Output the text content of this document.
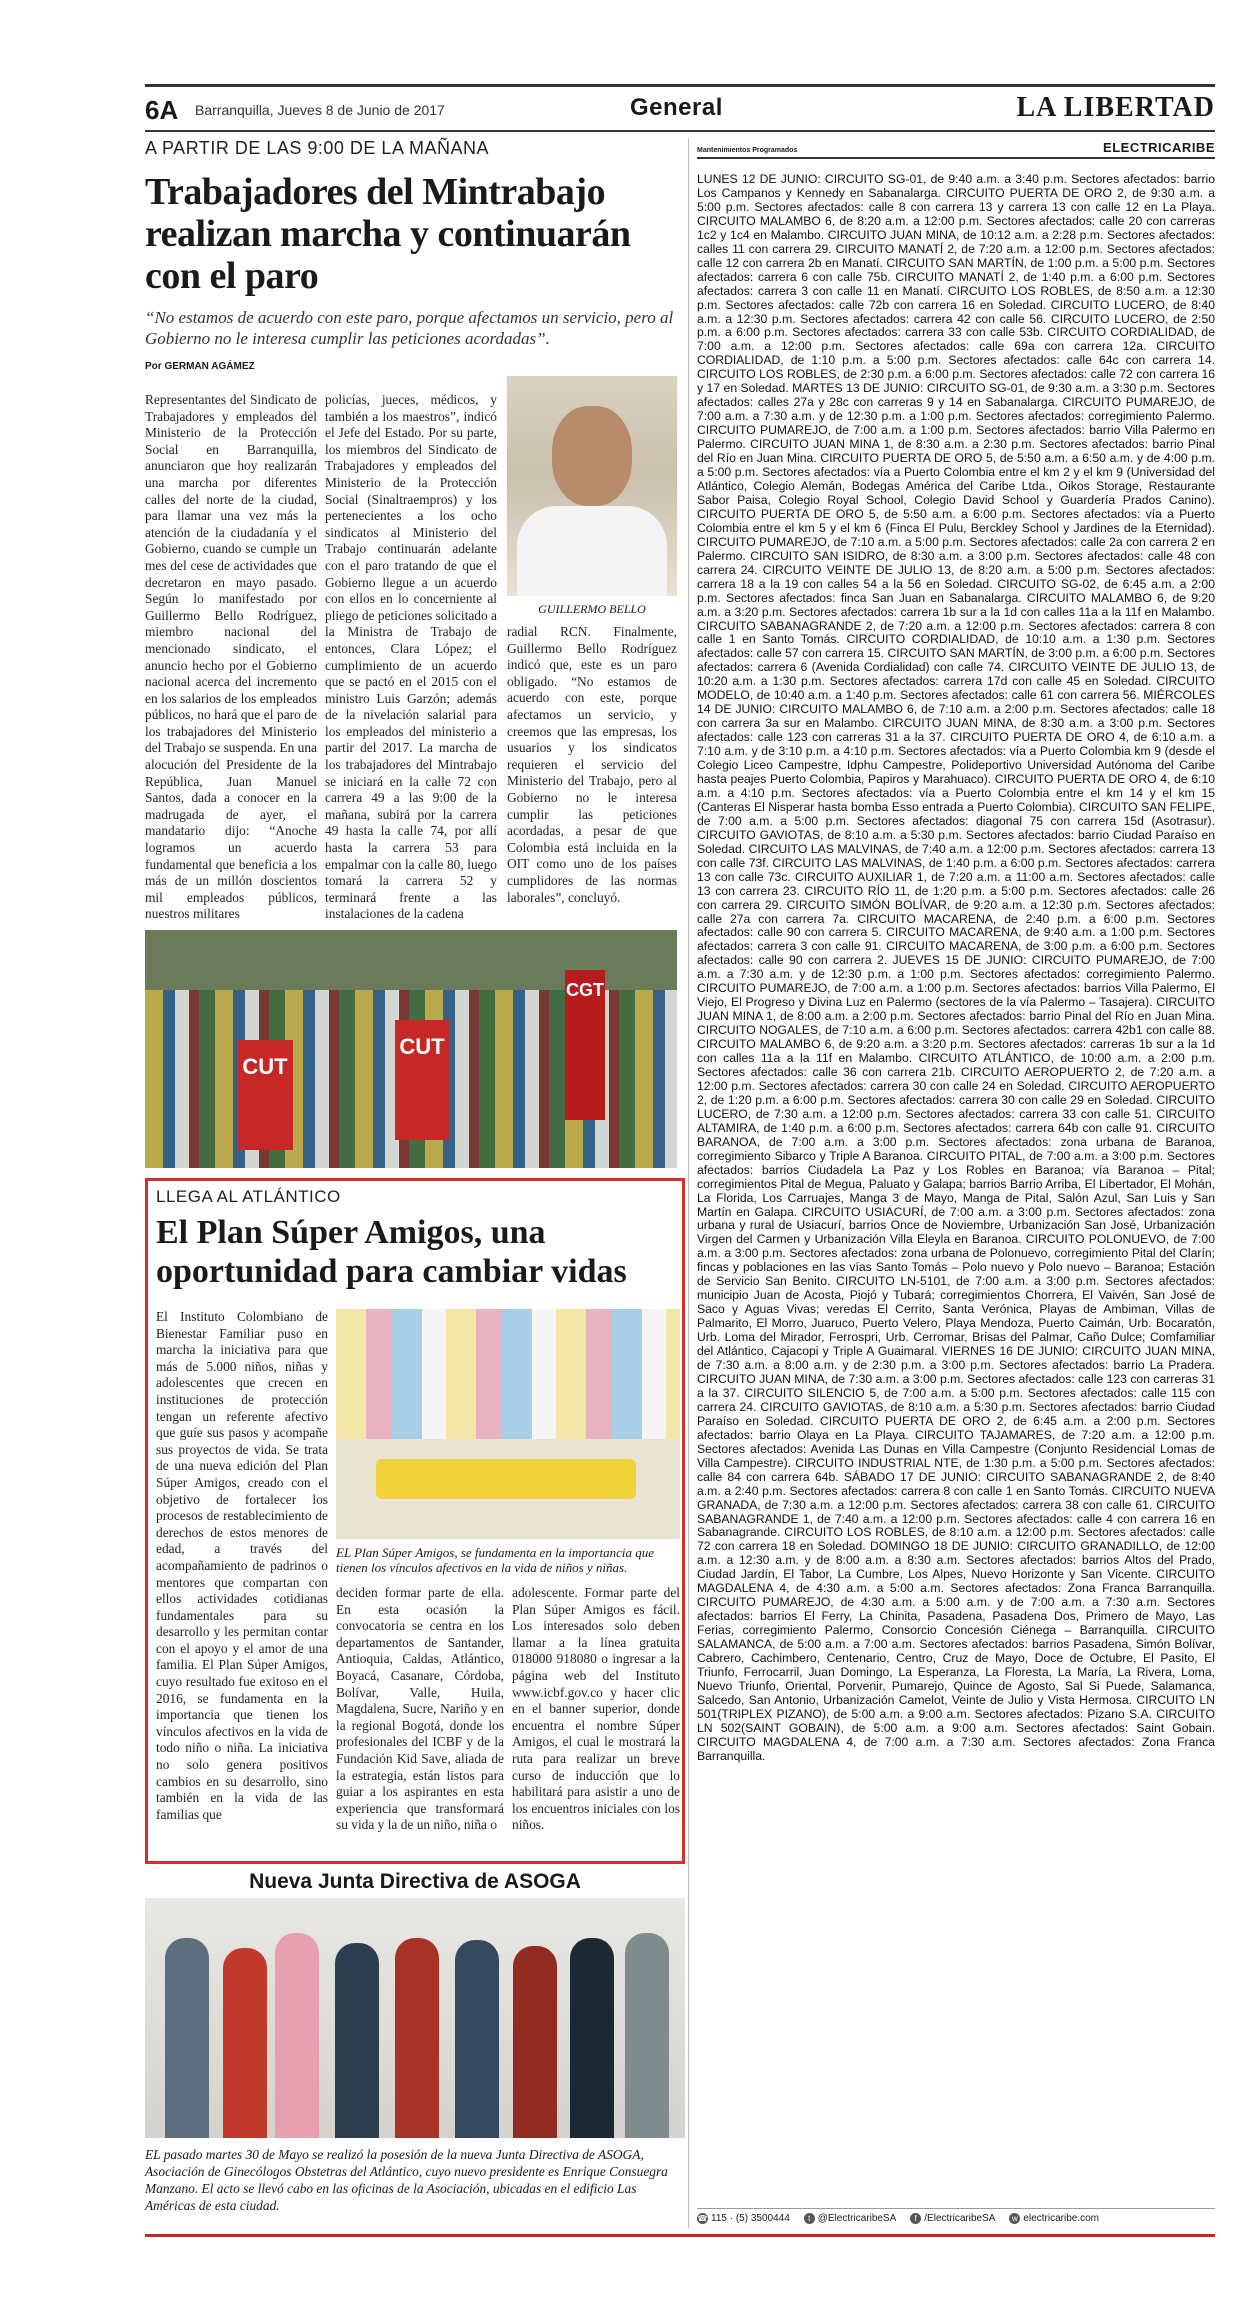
6A	Barranquilla, Jueves 8 de Junio de 2017	General	LA LIBERTAD
A PARTIR DE LAS 9:00 DE LA MAÑANA
Trabajadores del Mintrabajo realizan marcha y continuarán con el paro
“No estamos de acuerdo con este paro, porque afectamos un servicio, pero al Gobierno no le interesa cumplir las peticiones acordadas”.
Por GERMAN AGÁMEZ
Representantes del Sindicato de Trabajadores y empleados del Ministerio de la Protección Social en Barranquilla, anunciaron que hoy realizarán una marcha por diferentes calles del norte de la ciudad, para llamar una vez más la atención de la ciudadanía y el Gobierno, cuando se cumple un mes del cese de actividades que decretaron en mayo pasado. Según lo manifestado por Guillermo Bello Rodríguez, miembro nacional del mencionado sindicato, el anuncio hecho por el Gobierno nacional acerca del incremento en los salarios de los empleados públicos, no hará que el paro de los trabajadores del Ministerio del Trabajo se suspenda. En una alocución del Presidente de la República, Juan Manuel Santos, dada a conocer en la madrugada de ayer, el mandatario dijo: “Anoche logramos un acuerdo fundamental que beneficia a los más de un millón doscientos mil empleados públicos, nuestros militares
policías, jueces, médicos, y también a los maestros”, indicó el Jefe del Estado. Por su parte, los miembros del Sindicato de Trabajadores y empleados del Ministerio de la Protección Social (Sinaltraempros) y los pertenecientes a los ocho sindicatos al Ministerio del Trabajo continuarán adelante con el paro tratando de que el Gobierno llegue a un acuerdo con ellos en lo concerniente al pliego de peticiones solicitado a la Ministra de Trabajo de entonces, Clara López; el cumplimiento de un acuerdo que se pactó en el 2015 con el ministro Luis Garzón; además de la nivelación salarial para los empleados del ministerio a partir del 2017. La marcha de los trabajadores del Mintrabajo se iniciará en la calle 72 con carrera 49 a las 9:00 de la mañana, subirá por la carrera 49 hasta la calle 74, por allí hasta la carrera 53 para empalmar con la calle 80, luego tomará la carrera 52 y terminará frente a las instalaciones de la cadena
GUILLERMO BELLO
radial RCN. Finalmente, Guillermo Bello Rodríguez indicó que, este es un paro obligado. “No estamos de acuerdo con este, porque afectamos un servicio, y creemos que las empresas, los usuarios y los sindicatos requieren el servicio del Ministerio del Trabajo, pero al Gobierno no le interesa cumplir las peticiones acordadas, a pesar de que Colombia está incluida en la OIT como uno de los países cumplidores de las normas laborales”, concluyó.
CUT
CUT
CGT
LLEGA AL ATLÁNTICO
El Plan Súper Amigos, una oportunidad para cambiar vidas
El Instituto Colombiano de Bienestar Familiar puso en marcha la iniciativa para que más de 5.000 niños, niñas y adolescentes que crecen en instituciones de protección tengan un referente afectivo que guíe sus pasos y acompañe sus proyectos de vida. Se trata de una nueva edición del Plan Súper Amigos, creado con el objetivo de fortalecer los procesos de restablecimiento de derechos de estos menores de edad, a través del acompañamiento de padrinos o mentores que compartan con ellos actividades cotidianas fundamentales para su desarrollo y les permitan contar con el apoyo y el amor de una familia. El Plan Súper Amigos, cuyo resultado fue exitoso en el 2016, se fundamenta en la importancia que tienen los vínculos afectivos en la vida de todo niño o niña. La iniciativa no solo genera positivos cambios en su desarrollo, sino también en la vida de las familias que
EL Plan Súper Amigos, se fundamenta en la importancia que tienen los vínculos afectivos en la vida de niños y niñas.
deciden formar parte de ella. En esta ocasión la convocatoria se centra en los departamentos de Santander, Antioquia, Caldas, Atlántico, Boyacá, Casanare, Córdoba, Bolívar, Valle, Huila, Magdalena, Sucre, Nariño y en la regional Bogotá, donde los profesionales del ICBF y de la Fundación Kid Save, aliada de la estrategia, están listos para guiar a los aspirantes en esta experiencia que transformará su vida y la de un niño, niña o
adolescente. Formar parte del Plan Súper Amigos es fácil. Los interesados solo deben llamar a la línea gratuita 018000 918080 o ingresar a la página web del Instituto www.icbf.gov.co y hacer clic en el banner superior, donde encuentra el nombre Súper Amigos, el cual le mostrará la ruta para realizar un breve curso de inducción que lo habilitará para asistir a uno de los encuentros iniciales con los niños.
Nueva Junta Directiva de ASOGA
EL pasado martes 30 de Mayo se realizó la posesión de la nueva Junta Directiva de ASOGA, Asociación de Ginecólogos Obstetras del Atlántico, cuyo nuevo presidente es Enrique Consuegra Manzano. El acto se llevó cabo en las oficinas de la Asociación, ubicadas en el edificio Las Américas de esta ciudad.
Mantenimientos Programados	ELECTRICARIBE
LUNES 12 DE JUNIO: CIRCUITO SG-01, de 9:40 a.m. a 3:40 p.m. Sectores afectados: barrio Los Campanos y Kennedy en Sabanalarga. CIRCUITO PUERTA DE ORO 2, de 9:30 a.m. a 5:00 p.m. Sectores afectados: calle 8 con carrera 13 y carrera 13 con calle 12 en La Playa. CIRCUITO MALAMBO 6, de 8:20 a.m. a 12:00 p.m. Sectores afectados: calle 20 con carreras 1c2 y 1c4 en Malambo. CIRCUITO JUAN MINA, de 10:12 a.m. a 2:28 p.m. Sectores afectados: calles 11 con carrera 29. CIRCUITO MANATÍ 2, de 7:20 a.m. a 12:00 p.m. Sectores afectados: calle 12 con carrera 2b en Manatí. CIRCUITO SAN MARTÍN, de 1:00 p.m. a 5:00 p.m. Sectores afectados: carrera 6 con calle 75b. CIRCUITO MANATÍ 2, de 1:40 p.m. a 6:00 p.m. Sectores afectados: carrera 3 con calle 11 en Manatí. CIRCUITO LOS ROBLES, de 8:50 a.m. a 12:30 p.m. Sectores afectados: calle 72b con carrera 16 en Soledad. CIRCUITO LUCERO, de 8:40 a.m. a 12:30 p.m. Sectores afectados: carrera 42 con calle 56. CIRCUITO LUCERO, de 2:50 p.m. a 6:00 p.m. Sectores afectados: carrera 33 con calle 53b. CIRCUITO CORDIALIDAD, de 7:00 a.m. a 12:00 p.m. Sectores afectados: calle 69a con carrera 12a. CIRCUITO CORDIALIDAD, de 1:10 p.m. a 5:00 p.m. Sectores afectados: calle 64c con carrera 14. CIRCUITO LOS ROBLES, de 2:30 p.m. a 6:00 p.m. Sectores afectados: calle 72 con carrera 16 y 17 en Soledad. MARTES 13 DE JUNIO: CIRCUITO SG-01, de 9:30 a.m. a 3:30 p.m. Sectores afectados: calles 27a y 28c con carreras 9 y 14 en Sabanalarga. CIRCUITO PUMAREJO, de 7:00 a.m. a 7:30 a.m. y de 12:30 p.m. a 1:00 p.m. Sectores afectados: corregimiento Palermo. CIRCUITO PUMAREJO, de 7:00 a.m. a 1:00 p.m. Sectores afectados: barrio Villa Palermo en Palermo. CIRCUITO JUAN MINA 1, de 8:30 a.m. a 2:30 p.m. Sectores afectados: barrio Pinal del Río en Juan Mina. CIRCUITO PUERTA DE ORO 5, de 5:50 a.m. a 6:50 a.m. y de 4:00 p.m. a 5:00 p.m. Sectores afectados: vía a Puerto Colombia entre el km 2 y el km 9 (Universidad del Atlántico, Colegio Alemán, Bodegas América del Caribe Ltda., Oikos Storage, Restaurante Sabor Paisa, Colegio Royal School, Colegio David School y Guardería Prados Canino). CIRCUITO PUERTA DE ORO 5, de 5:50 a.m. a 6:00 p.m. Sectores afectados: vía a Puerto Colombia entre el km 5 y el km 6 (Finca El Pulu, Berckley School y Jardines de la Eternidad). CIRCUITO PUMAREJO, de 7:10 a.m. a 5:00 p.m. Sectores afectados: calle 2a con carrera 2 en Palermo. CIRCUITO SAN ISIDRO, de 8:30 a.m. a 3:00 p.m. Sectores afectados: calle 48 con carrera 24. CIRCUITO VEINTE DE JULIO 13, de 8:20 a.m. a 5:00 p.m. Sectores afectados: carrera 18 a la 19 con calles 54 a la 56 en Soledad. CIRCUITO SG-02, de 6:45 a.m. a 2:00 p.m. Sectores afectados: finca San Juan en Sabanalarga. CIRCUITO MALAMBO 6, de 9:20 a.m. a 3:20 p.m. Sectores afectados: carrera 1b sur a la 1d con calles 11a a la 11f en Malambo. CIRCUITO SABANAGRANDE 2, de 7:20 a.m. a 12:00 p.m. Sectores afectados: carrera 8 con calle 1 en Santo Tomás. CIRCUITO CORDIALIDAD, de 10:10 a.m. a 1:30 p.m. Sectores afectados: calle 57 con carrera 15. CIRCUITO SAN MARTÍN, de 3:00 p.m. a 6:00 p.m. Sectores afectados: carrera 6 (Avenida Cordialidad) con calle 74. CIRCUITO VEINTE DE JULIO 13, de 10:20 a.m. a 1:30 p.m. Sectores afectados: carrera 17d con calle 45 en Soledad. CIRCUITO MODELO, de 10:40 a.m. a 1:40 p.m. Sectores afectados: calle 61 con carrera 56. MIÉRCOLES 14 DE JUNIO: CIRCUITO MALAMBO 6, de 7:10 a.m. a 2:00 p.m. Sectores afectados: calle 18 con carrera 3a sur en Malambo. CIRCUITO JUAN MINA, de 8:30 a.m. a 3:00 p.m. Sectores afectados: calle 123 con carreras 31 a la 37. CIRCUITO PUERTA DE ORO 4, de 6:10 a.m. a 7:10 a.m. y de 3:10 p.m. a 4:10 p.m. Sectores afectados: vía a Puerto Colombia km 9 (desde el Colegio Liceo Campestre, Idphu Campestre, Polideportivo Universidad Autónoma del Caribe hasta peajes Puerto Colombia, Papiros y Marahuaco). CIRCUITO PUERTA DE ORO 4, de 6:10 a.m. a 4:10 p.m. Sectores afectados: vía a Puerto Colombia entre el km 14 y el km 15 (Canteras El Nisperar hasta bomba Esso entrada a Puerto Colombia). CIRCUITO SAN FELIPE, de 7:00 a.m. a 5:00 p.m. Sectores afectados: diagonal 75 con carrera 15d (Asotrasur). CIRCUITO GAVIOTAS, de 8:10 a.m. a 5:30 p.m. Sectores afectados: barrio Ciudad Paraíso en Soledad. CIRCUITO LAS MALVINAS, de 7:40 a.m. a 12:00 p.m. Sectores afectados: carrera 13 con calle 73f. CIRCUITO LAS MALVINAS, de 1:40 p.m. a 6:00 p.m. Sectores afectados: carrera 13 con calle 73c. CIRCUITO AUXILIAR 1, de 7:20 a.m. a 11:00 a.m. Sectores afectados: calle 13 con carrera 23. CIRCUITO RÍO 11, de 1:20 p.m. a 5:00 p.m. Sectores afectados: calle 26 con carrera 29. CIRCUITO SIMÓN BOLÍVAR, de 9:20 a.m. a 12:30 p.m. Sectores afectados: calle 27a con carrera 7a. CIRCUITO MACARENA, de 2:40 p.m. a 6:00 p.m. Sectores afectados: calle 90 con carrera 5. CIRCUITO MACARENA, de 9:40 a.m. a 1:00 p.m. Sectores afectados: carrera 3 con calle 91. CIRCUITO MACARENA, de 3:00 p.m. a 6:00 p.m. Sectores afectados: calle 90 con carrera 2. JUEVES 15 DE JUNIO: CIRCUITO PUMAREJO, de 7:00 a.m. a 7:30 a.m. y de 12:30 p.m. a 1:00 p.m. Sectores afectados: corregimiento Palermo. CIRCUITO PUMAREJO, de 7:00 a.m. a 1:00 p.m. Sectores afectados: barrios Villa Palermo, El Viejo, El Progreso y Divina Luz en Palermo (sectores de la vía Palermo – Tasajera). CIRCUITO JUAN MINA 1, de 8:00 a.m. a 2:00 p.m. Sectores afectados: barrio Pinal del Río en Juan Mina. CIRCUITO NOGALES, de 7:10 a.m. a 6:00 p.m. Sectores afectados: carrera 42b1 con calle 88. CIRCUITO MALAMBO 6, de 9:20 a.m. a 3:20 p.m. Sectores afectados: carreras 1b sur a la 1d con calles 11a a la 11f en Malambo. CIRCUITO ATLÁNTICO, de 10:00 a.m. a 2:00 p.m. Sectores afectados: calle 36 con carrera 21b. CIRCUITO AEROPUERTO 2, de 7:20 a.m. a 12:00 p.m. Sectores afectados: carrera 30 con calle 24 en Soledad. CIRCUITO AEROPUERTO 2, de 1:20 p.m. a 6:00 p.m. Sectores afectados: carrera 30 con calle 29 en Soledad. CIRCUITO LUCERO, de 7:30 a.m. a 12:00 p.m. Sectores afectados: carrera 33 con calle 51. CIRCUITO ALTAMIRA, de 1:40 p.m. a 6:00 p.m. Sectores afectados: carrera 64b con calle 91. CIRCUITO BARANOA, de 7:00 a.m. a 3:00 p.m. Sectores afectados: zona urbana de Baranoa, corregimiento Sibarco y Triple A Baranoa. CIRCUITO PITAL, de 7:00 a.m. a 3:00 p.m. Sectores afectados: barrios Ciudadela La Paz y Los Robles en Baranoa; vía Baranoa – Pital; corregimientos Pital de Megua, Paluato y Galapa; barrios Barrio Arriba, El Libertador, El Mohán, La Florida, Los Carruajes, Manga 3 de Mayo, Manga de Pital, Salón Azul, San Luis y San Martín en Galapa. CIRCUITO USIACURÍ, de 7:00 a.m. a 3:00 p.m. Sectores afectados: zona urbana y rural de Usiacurí, barrios Once de Noviembre, Urbanización San José, Urbanización Virgen del Carmen y Urbanización Villa Eleyla en Baranoa. CIRCUITO POLONUEVO, de 7:00 a.m. a 3:00 p.m. Sectores afectados: zona urbana de Polonuevo, corregimiento Pital del Clarín; fincas y poblaciones en las vías Santo Tomás – Polo nuevo y Polo nuevo – Baranoa; Estación de Servicio San Benito. CIRCUITO LN-5101, de 7:00 a.m. a 3:00 p.m. Sectores afectados: municipio Juan de Acosta, Piojó y Tubará; corregimientos Chorrera, El Vaivén, San José de Saco y Aguas Vivas; veredas El Cerrito, Santa Verónica, Playas de Ambiman, Villas de Palmarito, El Morro, Juaruco, Puerto Velero, Playa Mendoza, Puerto Caimán, Urb. Bocaratón, Urb. Loma del Mirador, Ferrospri, Urb. Cerromar, Brisas del Palmar, Caño Dulce; Comfamiliar del Atlántico, Cajacopi y Triple A Guaimaral. VIERNES 16 DE JUNIO: CIRCUITO JUAN MINA, de 7:30 a.m. a 8:00 a.m. y de 2:30 p.m. a 3:00 p.m. Sectores afectados: barrio La Pradera. CIRCUITO JUAN MINA, de 7:30 a.m. a 3:00 p.m. Sectores afectados: calle 123 con carreras 31 a la 37. CIRCUITO SILENCIO 5, de 7:00 a.m. a 5:00 p.m. Sectores afectados: calle 115 con carrera 24. CIRCUITO GAVIOTAS, de 8:10 a.m. a 5:30 p.m. Sectores afectados: barrio Ciudad Paraíso en Soledad. CIRCUITO PUERTA DE ORO 2, de 6:45 a.m. a 2:00 p.m. Sectores afectados: barrio Olaya en La Playa. CIRCUITO TAJAMARES, de 7:20 a.m. a 12:00 p.m. Sectores afectados: Avenida Las Dunas en Villa Campestre (Conjunto Residencial Lomas de Villa Campestre). CIRCUITO INDUSTRIAL NTE, de 1:30 p.m. a 5:00 p.m. Sectores afectados: calle 84 con carrera 64b. SÁBADO 17 DE JUNIO: CIRCUITO SABANAGRANDE 2, de 8:40 a.m. a 2:40 p.m. Sectores afectados: carrera 8 con calle 1 en Santo Tomás. CIRCUITO NUEVA GRANADA, de 7:30 a.m. a 12:00 p.m. Sectores afectados: carrera 38 con calle 61. CIRCUITO SABANAGRANDE 1, de 7:40 a.m. a 12:00 p.m. Sectores afectados: calle 4 con carrera 16 en Sabanagrande. CIRCUITO LOS ROBLES, de 8:10 a.m. a 12:00 p.m. Sectores afectados: calle 72 con carrera 18 en Soledad. DOMINGO 18 DE JUNIO: CIRCUITO GRANADILLO, de 12:00 a.m. a 12:30 a.m. y de 8:00 a.m. a 8:30 a.m. Sectores afectados: barrios Altos del Prado, Ciudad Jardín, El Tabor, La Cumbre, Los Alpes, Nuevo Horizonte y San Vicente. CIRCUITO MAGDALENA 4, de 4:30 a.m. a 5:00 a.m. Sectores afectados: Zona Franca Barranquilla. CIRCUITO PUMAREJO, de 4:30 a.m. a 5:00 a.m. y de 7:00 a.m. a 7:30 a.m. Sectores afectados: barrios El Ferry, La Chinita, Pasadena, Pasadena Dos, Primero de Mayo, Las Ferias, corregimiento Palermo, Consorcio Concesión Ciénega – Barranquilla. CIRCUITO SALAMANCA, de 5:00 a.m. a 7:00 a.m. Sectores afectados: barrios Pasadena, Simón Bolívar, Cabrero, Cachimbero, Centenario, Centro, Cruz de Mayo, Doce de Octubre, El Pasito, El Triunfo, Ferrocarril, Juan Domingo, La Esperanza, La Floresta, La María, La Rivera, Loma, Nuevo Triunfo, Oriental, Porvenir, Pumarejo, Quince de Agosto, Sal Si Puede, Salamanca, Salcedo, San Antonio, Urbanización Camelot, Veinte de Julio y Vista Hermosa. CIRCUITO LN 501(TRIPLEX PIZANO), de 5:00 a.m. a 9:00 a.m. Sectores afectados: Pizano S.A. CIRCUITO LN 502(SAINT GOBAIN), de 5:00 a.m. a 9:00 a.m. Sectores afectados: Saint Gobain. CIRCUITO MAGDALENA 4, de 7:00 a.m. a 7:30 a.m. Sectores afectados: Zona Franca Barranquilla.
☎ 115 · (5) 3500444	t @ElectricaribeSA	f /ElectricaribeSA	w electricaribe.com
